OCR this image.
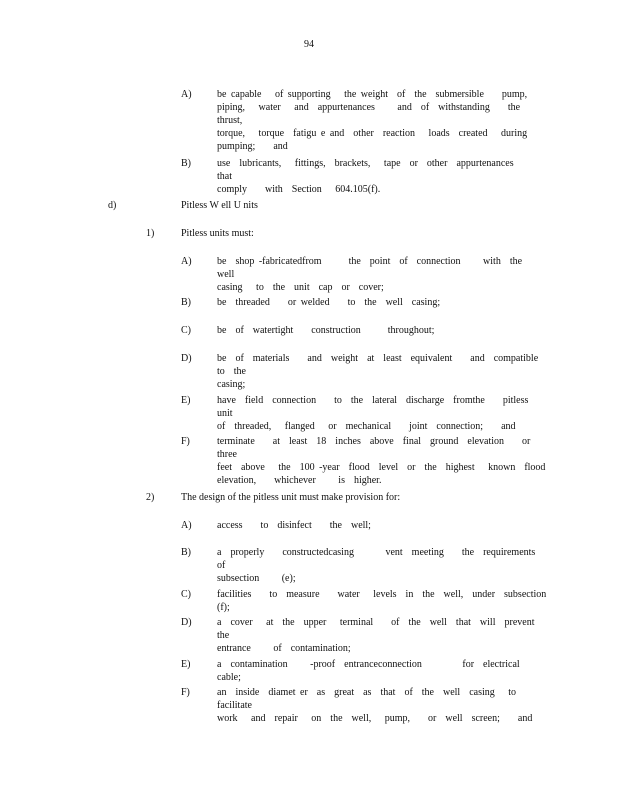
94
A)	be capable   of supporting   the weight  of  the  submersible    pump,
piping,   water   and  appurtenances     and  of  withstanding    the  thrust,
torque,   torque  fatigu e and  other  reaction   loads  created   during
pumping;    and
B)	use  lubricants,   fittings,  brackets,   tape  or  other  appurtenances     that
comply    with  Section   604.105(f).
d)	Pitless W ell U nits
1)	Pitless units must:
A)	be  shop -fabricatedfrom      the  point  of  connection     with  the  well
casing   to  the  unit  cap  or  cover;
B)	be  threaded    or welded    to  the  well  casing;
C)	be  of  watertight    construction      throughout;
D)	be  of  materials    and  weight  at  least  equivalent    and  compatible    to  the
casing;
E)	have  field  connection    to  the  lateral  discharge  fromthe    pitless  unit
of  threaded,   flanged   or  mechanical    joint  connection;    and
F)	terminate    at  least  18  inches  above  final  ground  elevation    or  three
feet  above   the  100 -year  flood  level  or  the  highest   known  flood
elevation,    whichever     is  higher.
2)	The design of the pitless unit must make provision for:
A)	access    to  disinfect    the  well;
B)	a  properly    constructedcasing       vent  meeting    the  requirements      of
subsection     (e);
C)	facilities    to  measure    water   levels  in  the  well,  under  subsection     (f);
D)	a  cover   at  the  upper   terminal    of  the  well  that  will  prevent    the
entrance     of  contamination;
E)	a  contamination     -proof  entranceconnection         for  electrical    cable;
F)	an  inside  diamet er  as  great  as  that  of  the  well  casing   to  facilitate
work   and  repair   on  the  well,   pump,    or  well  screen;    and
